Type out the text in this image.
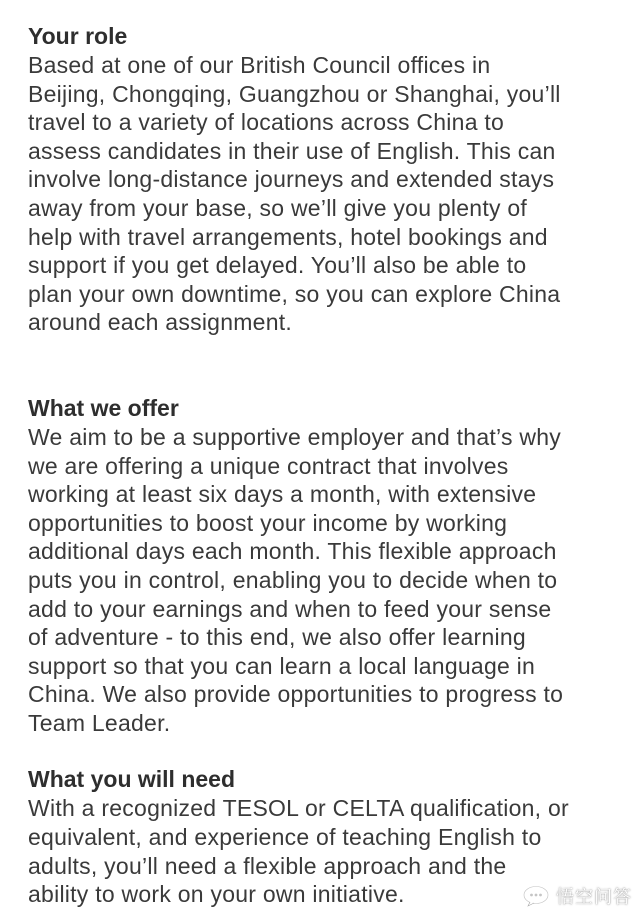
Your role
Based at one of our British Council offices in
Beijing, Chongqing, Guangzhou or Shanghai, you’ll
travel to a variety of locations across China to
assess candidates in their use of English. This can
involve long-distance journeys and extended stays
away from your base, so we’ll give you plenty of
help with travel arrangements, hotel bookings and
support if you get delayed. You’ll also be able to
plan your own downtime, so you can explore China
around each assignment.
What we offer
We aim to be a supportive employer and that’s why
we are offering a unique contract that involves
working at least six days a month, with extensive
opportunities to boost your income by working
additional days each month. This flexible approach
puts you in control, enabling you to decide when to
add to your earnings and when to feed your sense
of adventure - to this end, we also offer learning
support so that you can learn a local language in
China. We also provide opportunities to progress to
Team Leader.
What you will need
With a recognized TESOL or CELTA qualification, or
equivalent, and experience of teaching English to
adults, you’ll need a flexible approach and the
ability to work on your own initiative.	悟空问答
